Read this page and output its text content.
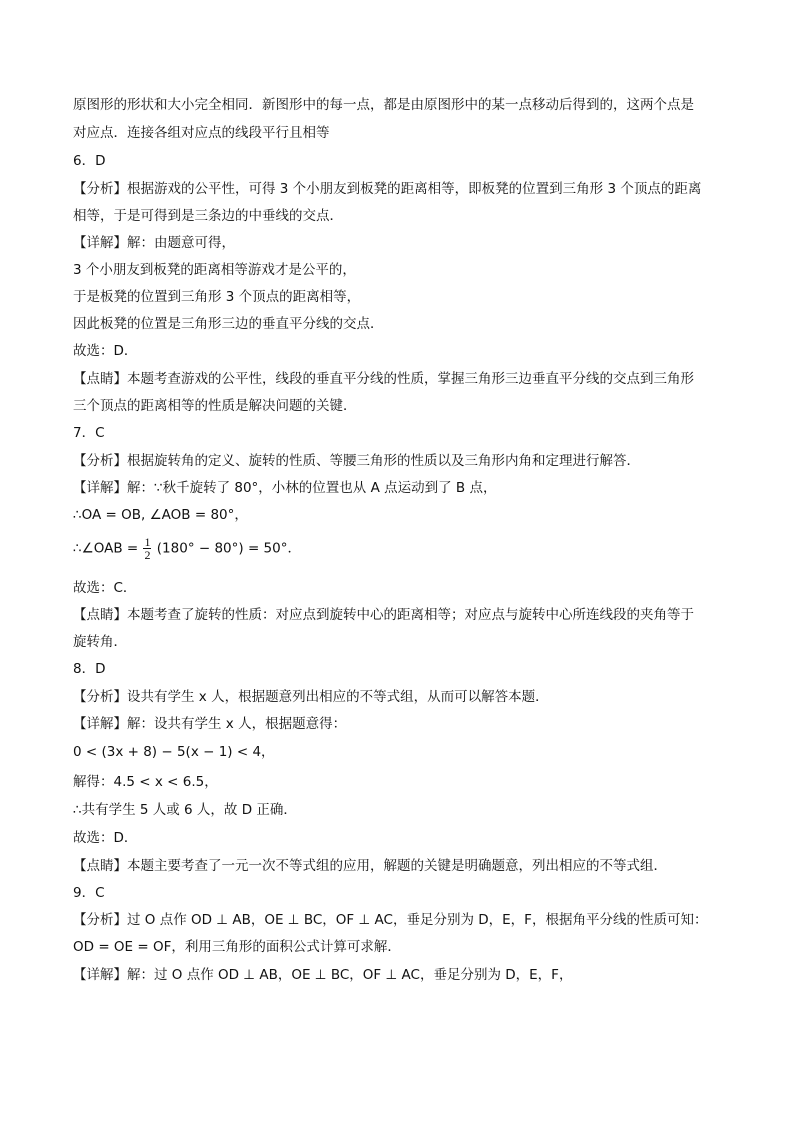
原图形的形状和大小完全相同．新图形中的每一点，都是由原图形中的某一点移动后得到的，这两个点是
对应点．连接各组对应点的线段平行且相等
6．D
【分析】根据游戏的公平性，可得 3 个小朋友到板凳的距离相等，即板凳的位置到三角形 3 个顶点的距离
相等，于是可得到是三条边的中垂线的交点．
【详解】解：由题意可得，
3 个小朋友到板凳的距离相等游戏才是公平的，
于是板凳的位置到三角形 3 个顶点的距离相等，
因此板凳的位置是三角形三边的垂直平分线的交点．
故选：D．
【点睛】本题考查游戏的公平性，线段的垂直平分线的性质，掌握三角形三边垂直平分线的交点到三角形
三个顶点的距离相等的性质是解决问题的关键．
7．C
【分析】根据旋转角的定义、旋转的性质、等腰三角形的性质以及三角形内角和定理进行解答．
【详解】解：∵秋千旋转了 80°，小林的位置也从 A 点运动到了 B 点，
∴OA = OB, ∠AOB = 80°，
∴∠OAB = $\frac{1}{2} (180^\circ - 80^\circ) = 50^\circ$．
故选：C．
【点睛】本题考查了旋转的性质：对应点到旋转中心的距离相等；对应点与旋转中心所连线段的夹角等于
旋转角．
8．D
【分析】设共有学生 x 人，根据题意列出相应的不等式组，从而可以解答本题．
【详解】解：设共有学生 x 人，根据题意得：
0 < (3x + 8) − 5(x − 1) < 4，
解得：4.5 < x < 6.5，
∴共有学生 5 人或 6 人，故 D 正确．
故选：D．
【点睛】本题主要考查了一元一次不等式组的应用，解题的关键是明确题意，列出相应的不等式组．
9．C
【分析】过 O 点作 OD ⊥ AB，OE ⊥ BC，OF ⊥ AC，垂足分别为 D，E，F，根据角平分线的性质可知：
OD = OE = OF，利用三角形的面积公式计算可求解．
【详解】解：过 O 点作 OD ⊥ AB，OE ⊥ BC，OF ⊥ AC，垂足分别为 D，E，F，
